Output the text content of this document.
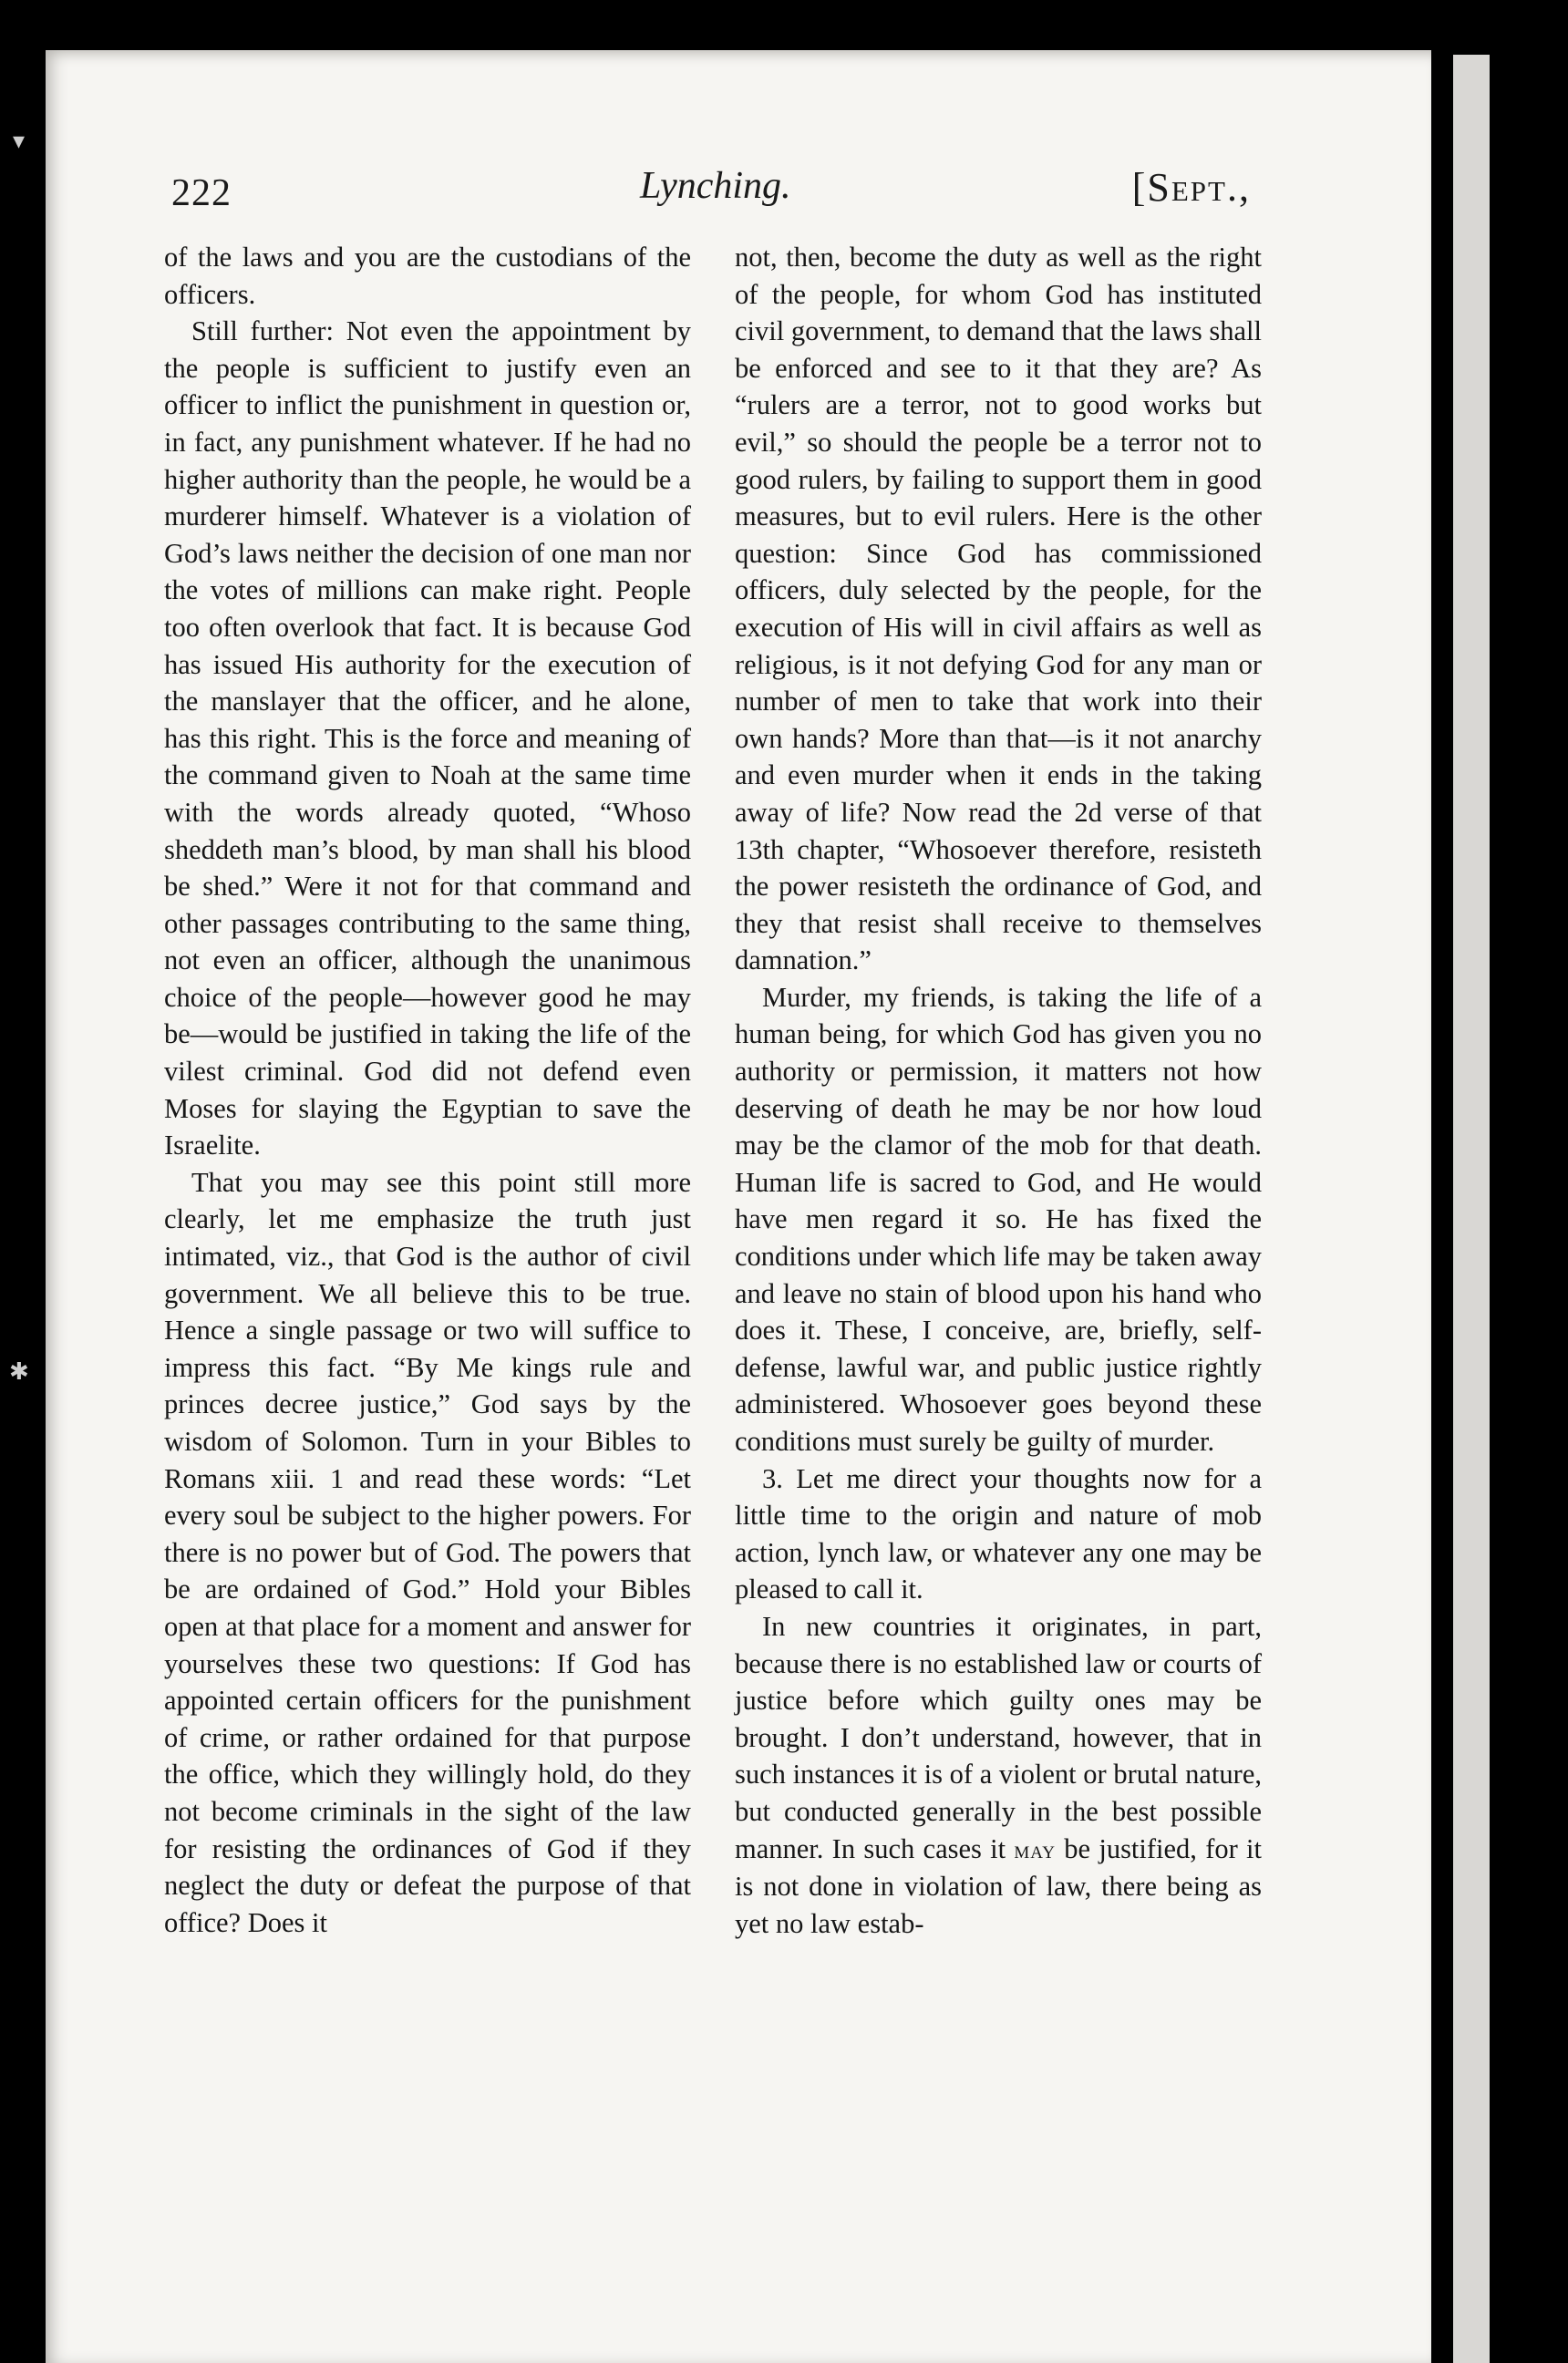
222	Lynching.	[Sept.,

of the laws and you are the custodians of the officers.

Still further: Not even the appointment by the people is sufficient to justify even an officer to inflict the punishment in question or, in fact, any punishment whatever. If he had no higher authority than the people, he would be a murderer himself. Whatever is a violation of God’s laws neither the decision of one man nor the votes of millions can make right. People too often overlook that fact. It is because God has issued His authority for the execution of the manslayer that the officer, and he alone, has this right. This is the force and meaning of the command given to Noah at the same time with the words already quoted, “Whoso sheddeth man’s blood, by man shall his blood be shed.” Were it not for that command and other passages contributing to the same thing, not even an officer, although the unanimous choice of the people—however good he may be—would be justified in taking the life of the vilest criminal. God did not defend even Moses for slaying the Egyptian to save the Israelite.

That you may see this point still more clearly, let me emphasize the truth just intimated, viz., that God is the author of civil government. We all believe this to be true. Hence a single passage or two will suffice to impress this fact. “By Me kings rule and princes decree justice,” God says by the wisdom of Solomon. Turn in your Bibles to Romans xiii. 1 and read these words: “Let every soul be subject to the higher powers. For there is no power but of God. The powers that be are ordained of God.” Hold your Bibles open at that place for a moment and answer for yourselves these two questions: If God has appointed certain officers for the punishment of crime, or rather ordained for that purpose the office, which they willingly hold, do they not become criminals in the sight of the law for resisting the ordinances of God if they neglect the duty or defeat the purpose of that office? Does it

not, then, become the duty as well as the right of the people, for whom God has instituted civil government, to demand that the laws shall be enforced and see to it that they are? As “rulers are a terror, not to good works but evil,” so should the people be a terror not to good rulers, by failing to support them in good measures, but to evil rulers. Here is the other question: Since God has commissioned officers, duly selected by the people, for the execution of His will in civil affairs as well as religious, is it not defying God for any man or number of men to take that work into their own hands? More than that—is it not anarchy and even murder when it ends in the taking away of life? Now read the 2d verse of that 13th chapter, “Whosoever therefore, resisteth the power resisteth the ordinance of God, and they that resist shall receive to themselves damnation.”

Murder, my friends, is taking the life of a human being, for which God has given you no authority or permission, it matters not how deserving of death he may be nor how loud may be the clamor of the mob for that death. Human life is sacred to God, and He would have men regard it so. He has fixed the conditions under which life may be taken away and leave no stain of blood upon his hand who does it. These, I conceive, are, briefly, self-defense, lawful war, and public justice rightly administered. Whosoever goes beyond these conditions must surely be guilty of murder.

3. Let me direct your thoughts now for a little time to the origin and nature of mob action, lynch law, or whatever any one may be pleased to call it.

In new countries it originates, in part, because there is no established law or courts of justice before which guilty ones may be brought. I don’t understand, however, that in such instances it is of a violent or brutal nature, but conducted generally in the best possible manner. In such cases it may be justified, for it is not done in violation of law, there being as yet no law estab-

▾
✱
